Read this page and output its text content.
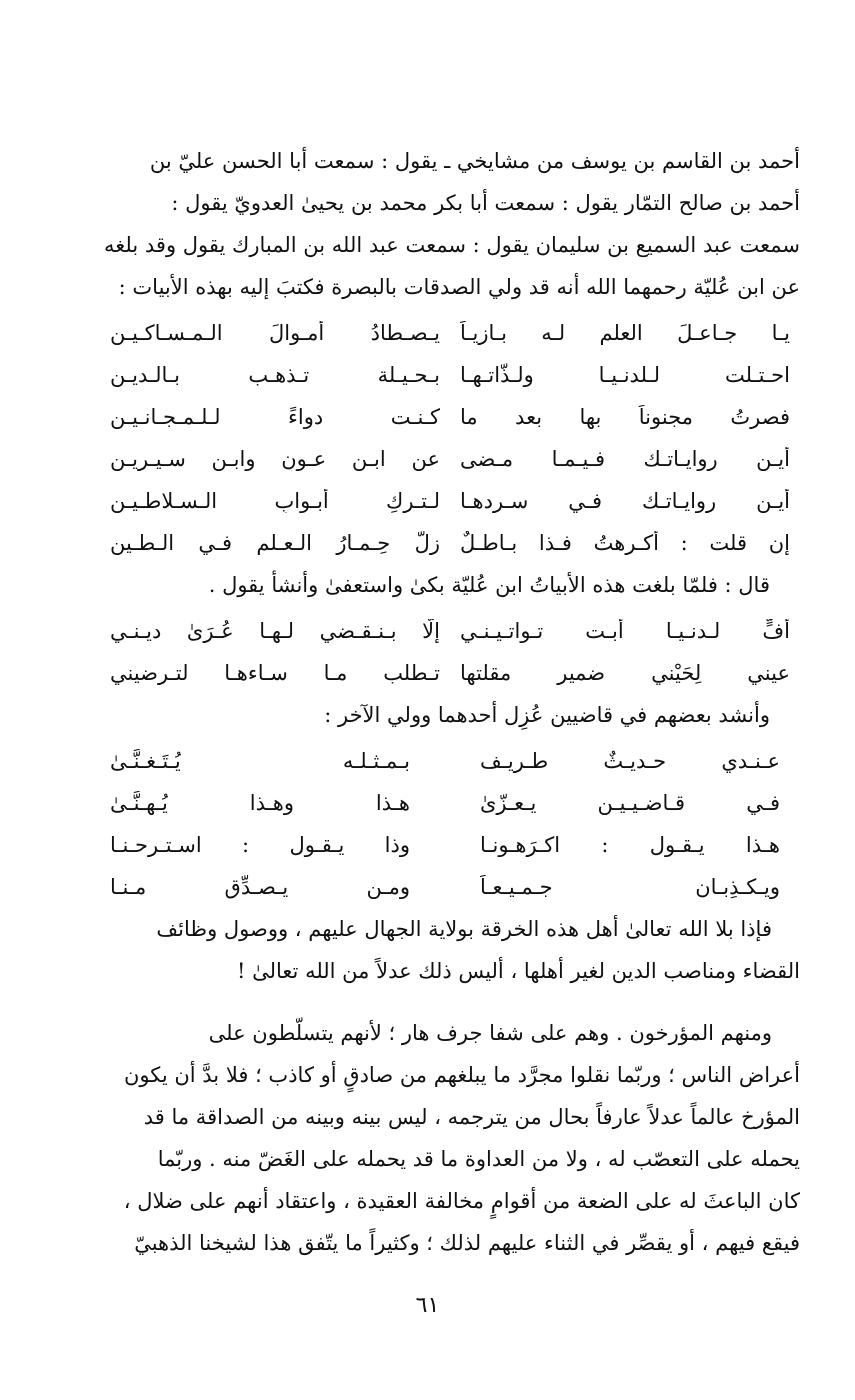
أحمد بن القاسم بن يوسف من مشايخي ـ يقول : سمعت أبا الحسن عليّ بن

أحمد بن صالح التمّار يقول : سمعت أبا بكر محمد بن يحيىٰ العدويّ يقول :

سمعت عبد السميع بن سليمان يقول : سمعت عبد الله بن المبارك يقول وقد بلغه

عن ابن عُليّة رحمهما الله أنه قد ولي الصدقات بالبصرة فكتبَ إليه بهذه الأبيات :

يـا جـاعـلَ العلم لـه بـازيـاً
يـصـطادُ أمـوالَ الـمـسـاكـيـنِ
احـتـلت لـلدنـيـا ولـذَّاتـهـا
بـحـيـلة تـذهـب بـالـديـن
فصرتُ مجنوناً بها بعد ما
كـنـت دواءً لـلـمـجـانـيـن
أيـن روايـاتـك فـيـمـا مـضى
عن ابـنِ عـونٍ وابـن سـيـريـن
أيـن روايـاتـك فـي سـردهـا
لـتـركِ أبـوابِ الـسـلاطـيـن
إن قلت : أكـرهتُ فـذا بـاطـلٌ
زلَّ حِـمـارُ الـعـلم فـي الـطـين

قال : فلمّا بلغت هذه الأبياتُ ابن عُليّة بكىٰ واستعفىٰ وأنشأ يقول .

أفٍّ لـدنـيـا أبـت تـواتـيـنـي
إلّا بـنـقـضي لـهـا عُـرَىٰ ديـنـي
عيني لِحَيْني ضمير مقلتها
تـطلب مـا سـاءهـا لتـرضيني

وأنشد بعضهم في قاضيين عُزِل أحدهما وولي الآخر :

عـنـدي حـديـثٌ طـريـف
بـمـثـلـه يُـتَـغـنَّـىٰ
فـي قـاضـيـيـن يـعـزّىٰ
هـذا وهـذا يُـهـنَّـىٰ
هـذا يـقـول : اكـرَهـونـا
وذا يـقـول : اسـتـرحـنـا
ويـكـذِبـان جـمـيـعـاً
ومـن يـصـدِّق مـنـا

فإذا بلا الله تعالىٰ أهل هذه الخرقة بولاية الجهال عليهم ، ووصول وظائف

القضاء ومناصب الدين لغير أهلها ، أليس ذلك عدلاً من الله تعالىٰ !

ومنهم المؤرخون . وهم على شفا جرف هار ؛ لأنهم يتسلّطون على

أعراض الناس ؛ وربّما نقلوا مجرَّد ما يبلغهم من صادقٍ أو كاذب ؛ فلا بدَّ أن يكون

المؤرخ عالماً عدلاً عارفاً بحال من يترجمه ، ليس بينه وبينه من الصداقة ما قد

يحمله على التعصّب له ، ولا من العداوة ما قد يحمله على الغَضّ منه . وربّما

كان الباعثَ له على الضعة من أقوامٍ مخالفة العقيدة ، واعتقاد أنهم على ضلال ،

فيقع فيهم ، أو يقصِّر في الثناء عليهم لذلك ؛ وكثيراً ما يتّفق هذا لشيخنا الذهبيّ

٦١
